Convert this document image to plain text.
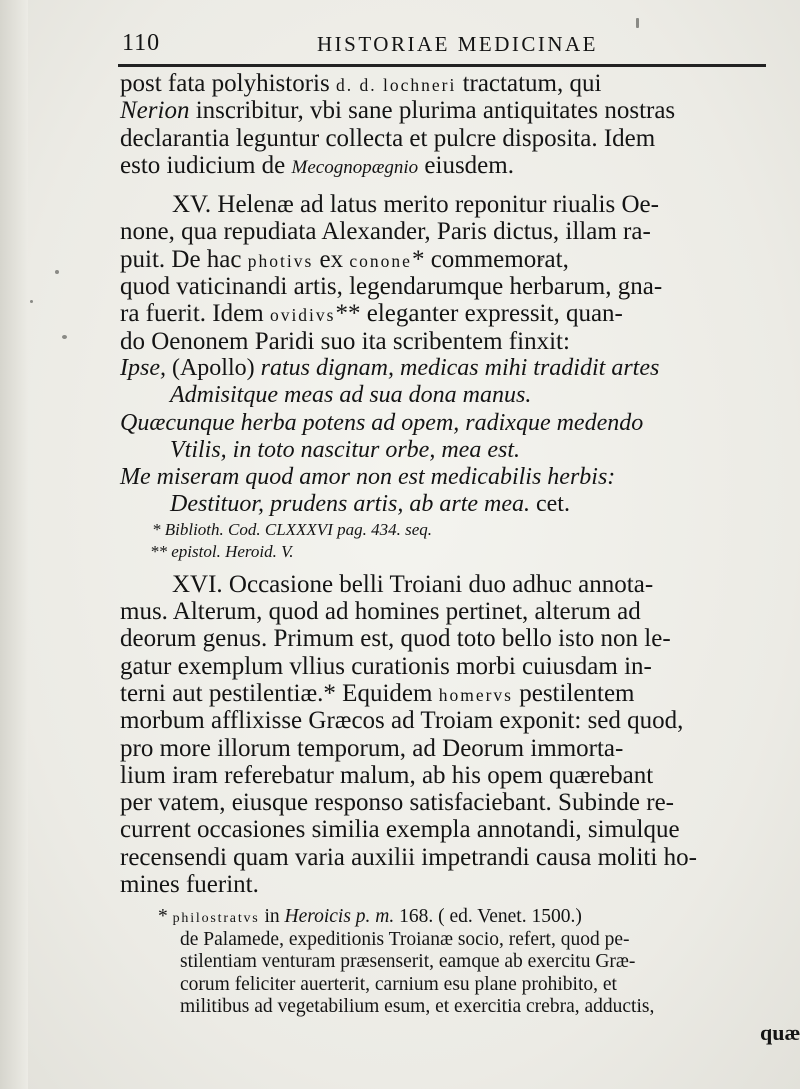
110	HISTORIAE MEDICINAE
post fata polyhistoris d. d. lochneri tractatum, qui
Nerion inscribitur, vbi sane plurima antiquitates nostras
declarantia leguntur collecta et pulcre disposita. Idem
esto iudicium de Mecognopægnio eiusdem.
XV. Helenæ ad latus merito reponitur riualis Oe-
none, qua repudiata Alexander, Paris dictus, illam ra-
puit. De hac photivs ex conone* commemorat,
quod vaticinandi artis, legendarumque herbarum, gna-
ra fuerit. Idem ovidivs** eleganter expressit, quan-
do Oenonem Paridi suo ita scribentem finxit:
Ipse, (Apollo) ratus dignam, medicas mihi tradidit artes
Admisitque meas ad sua dona manus.
Quæcunque herba potens ad opem, radixque medendo
Vtilis, in toto nascitur orbe, mea est.
Me miseram quod amor non est medicabilis herbis:
Destituor, prudens artis, ab arte mea. cet.
* Biblioth. Cod. CLXXXVI pag. 434. seq.
** epistol. Heroid. V.
XVI. Occasione belli Troiani duo adhuc annota-
mus. Alterum, quod ad homines pertinet, alterum ad
deorum genus. Primum est, quod toto bello isto non le-
gatur exemplum vllius curationis morbi cuiusdam in-
terni aut pestilentiæ.* Equidem homervs pestilentem
morbum afflixisse Græcos ad Troiam exponit: sed quod,
pro more illorum temporum, ad Deorum immorta-
lium iram referebatur malum, ab his opem quærebant
per vatem, eiusque responso satisfaciebant. Subinde re-
current occasiones similia exempla annotandi, simulque
recensendi quam varia auxilii impetrandi causa moliti ho-
mines fuerint.
* philostratvs in Heroicis p. m. 168. ( ed. Venet. 1500.)
de Palamede, expeditionis Troianæ socio, refert, quod pe-
stilentiam venturam præsenserit, eamque ab exercitu Græ-
corum feliciter auerterit, carnium esu plane prohibito, et
militibus ad vegetabilium esum, et exercitia crebra, adductis,
quæ
